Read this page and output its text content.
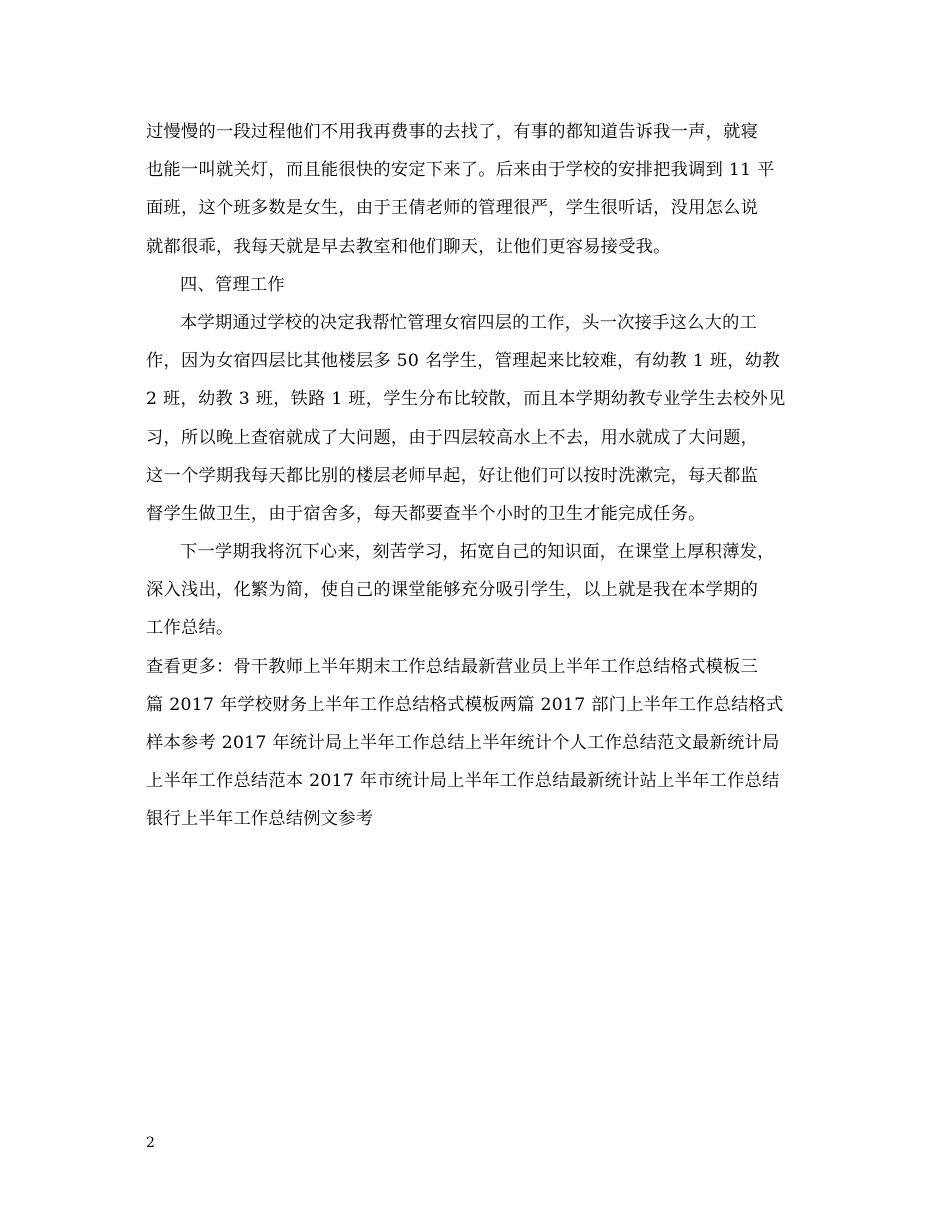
过慢慢的一段过程他们不用我再费事的去找了，有事的都知道告诉我一声，就寝
也能一叫就关灯，而且能很快的安定下来了。后来由于学校的安排把我调到 11 平
面班，这个班多数是女生，由于王倩老师的管理很严，学生很听话，没用怎么说
就都很乖，我每天就是早去教室和他们聊天，让他们更容易接受我。
四、管理工作
本学期通过学校的决定我帮忙管理女宿四层的工作，头一次接手这么大的工
作，因为女宿四层比其他楼层多 50 名学生，管理起来比较难，有幼教 1 班，幼教
2 班，幼教 3 班，铁路 1 班，学生分布比较散，而且本学期幼教专业学生去校外见
习，所以晚上查宿就成了大问题，由于四层较高水上不去，用水就成了大问题，
这一个学期我每天都比别的楼层老师早起，好让他们可以按时洗漱完，每天都监
督学生做卫生，由于宿舍多，每天都要查半个小时的卫生才能完成任务。
下一学期我将沉下心来，刻苦学习，拓宽自己的知识面，在课堂上厚积薄发，
深入浅出，化繁为简，使自己的课堂能够充分吸引学生，以上就是我在本学期的
工作总结。
查看更多：骨干教师上半年期末工作总结最新营业员上半年工作总结格式模板三
篇 2017 年学校财务上半年工作总结格式模板两篇 2017 部门上半年工作总结格式
样本参考 2017 年统计局上半年工作总结上半年统计个人工作总结范文最新统计局
上半年工作总结范本 2017 年市统计局上半年工作总结最新统计站上半年工作总结
银行上半年工作总结例文参考
2
